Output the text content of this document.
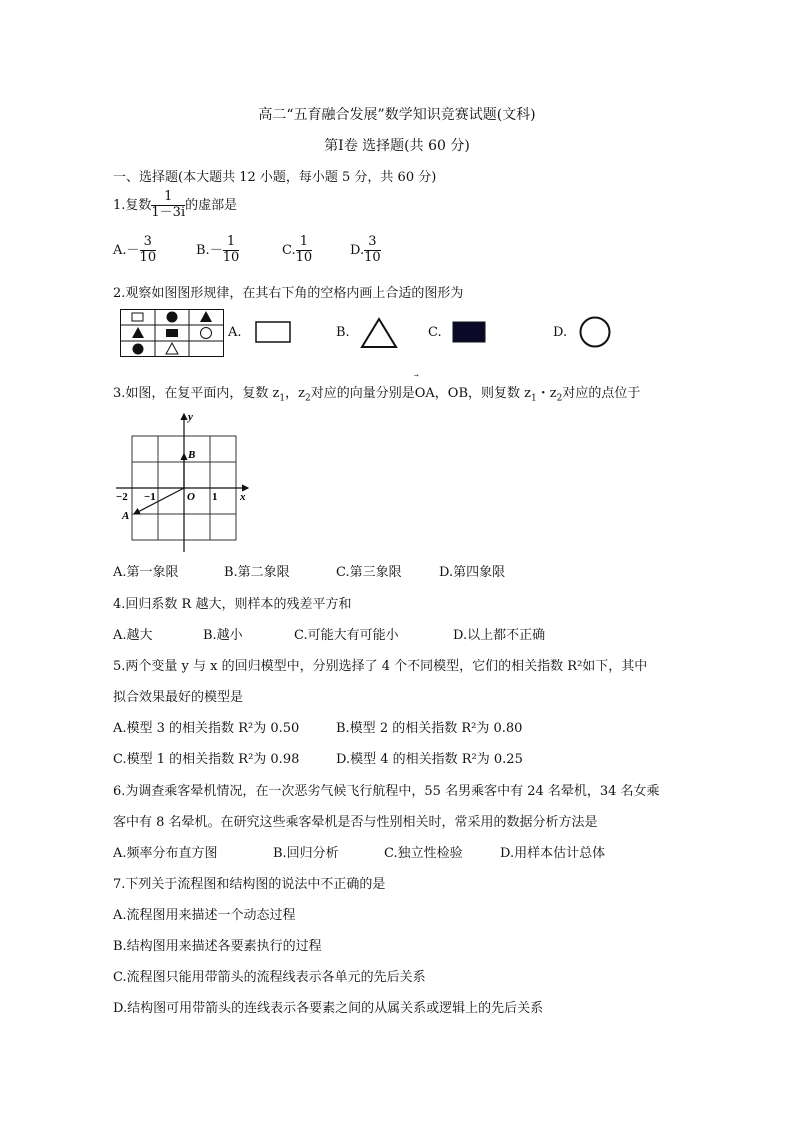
高二“五育融合发展”数学知识竞赛试题(文科)
第Ⅰ卷 选择题(共 60 分)
一、选择题(本大题共 12 小题，每小题 5 分，共 60 分)
1.复数 $\frac{1}{1-3i}$ 的虚部是
$A.- \frac{3}{10}$	$B.- \frac{1}{10}$	C. $\frac{1}{10}$	D. $\frac{3}{10}$
2.观察如图图形规律，在其右下角的空格内画上合适的图形为
A.	B.	C.	D.
3.如图，在复平面内，复数 $z_1$，$z_2$对应的向量分别是
OA，OB，则复数 $z_1$・$z_2$对应的点位于
y
x
O
−2 −1	1
A
B
A.第一象限	B.第二象限	C.第三象限	D.第四象限
4.回归系数 R 越大，则样本的残差平方和
A.越大	B.越小	C.可能大有可能小	D.以上都不正确
5.两个变量 y 与 x 的回归模型中，分别选择了 4 个不同模型，它们的相关指数 R²如下，其中
拟合效果最好的模型是
A.模型 3 的相关指数 R²为 0.50	B.模型 2 的相关指数 R²为 0.80
C.模型 1 的相关指数 R²为 0.98	D.模型 4 的相关指数 R²为 0.25
6.为调查乘客晕机情况，在一次恶劣气候飞行航程中，55 名男乘客中有 24 名晕机，34 名女乘
客中有 8 名晕机。在研究这些乘客晕机是否与性别相关时，常采用的数据分析方法是
A.频率分布直方图	B.回归分析	C.独立性检验	D.用样本估计总体
7.下列关于流程图和结构图的说法中不正确的是
A.流程图用来描述一个动态过程
B.结构图用来描述各要素执行的过程
C.流程图只能用带箭头的流程线表示各单元的先后关系
D.结构图可用带箭头的连线表示各要素之间的从属关系或逻辑上的先后关系
